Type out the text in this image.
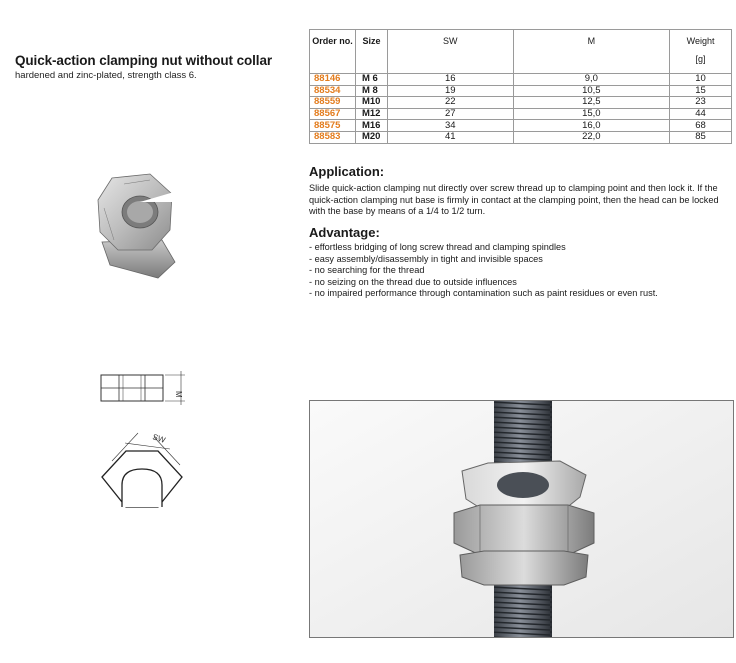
Quick-action clamping nut without collar
hardened and zinc-plated, strength class 6.
Order no.	Size	SW	M	Weight
[g]

88146	M 6	16	9,0	10
88534	M 8	19	10,5	15
88559	M10	22	12,5	23
88567	M12	27	15,0	44
88575	M16	34	16,0	68
88583	M20	41	22,0	85
Application:
Slide quick-action clamping nut directly over screw thread up to clamping point and then lock it. If the quick-action clamping nut base is firmly in contact at the clamping point, then the head can be locked with the base by means of a 1/4 to 1/2 turn.
Advantage:
- effortless bridging of long screw thread and clamping spindles
- easy assembly/disassembly in tight and invisible spaces
- no searching for the thread
- no seizing on the thread due to outside influences
- no impaired performance through contamination such as paint residues or even rust.
M
SW
